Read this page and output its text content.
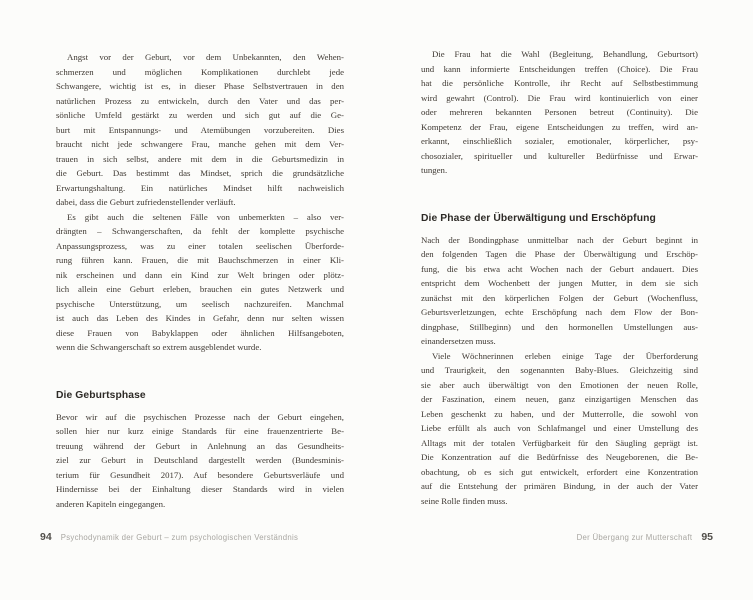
Angst vor der Geburt, vor dem Unbekannten, den Wehen-
schmerzen und möglichen Komplikationen durchlebt jede
Schwangere, wichtig ist es, in dieser Phase Selbstvertrauen in den
natürlichen Prozess zu entwickeln, durch den Vater und das per-
sönliche Umfeld gestärkt zu werden und sich gut auf die Ge-
burt mit Entspannungs- und Atemübungen vorzubereiten. Dies
braucht nicht jede schwangere Frau, manche gehen mit dem Ver-
trauen in sich selbst, andere mit dem in die Geburtsmedizin in
die Geburt. Das bestimmt das Mindset, sprich die grundsätzliche
Erwartungshaltung. Ein natürliches Mindset hilft nachweislich
dabei, dass die Geburt zufriedenstellender verläuft.
Es gibt auch die seltenen Fälle von unbemerkten – also ver-
drängten – Schwangerschaften, da fehlt der komplette psychische
Anpassungsprozess, was zu einer totalen seelischen Überforde-
rung führen kann. Frauen, die mit Bauchschmerzen in einer Kli-
nik erscheinen und dann ein Kind zur Welt bringen oder plötz-
lich allein eine Geburt erleben, brauchen ein gutes Netzwerk und
psychische Unterstützung, um seelisch nachzureifen. Manchmal
ist auch das Leben des Kindes in Gefahr, denn nur selten wissen
diese Frauen von Babyklappen oder ähnlichen Hilfsangeboten,
wenn die Schwangerschaft so extrem ausgeblendet wurde.
Die Geburtsphase
Bevor wir auf die psychischen Prozesse nach der Geburt eingehen,
sollen hier nur kurz einige Standards für eine frauenzentrierte Be-
treuung während der Geburt in Anlehnung an das Gesundheits-
ziel zur Geburt in Deutschland dargestellt werden (Bundesminis-
terium für Gesundheit 2017). Auf besondere Geburtsverläufe und
Hindernisse bei der Einhaltung dieser Standards wird in vielen
anderen Kapiteln eingegangen.
Die Frau hat die Wahl (Begleitung, Behandlung, Geburtsort)
und kann informierte Entscheidungen treffen (Choice). Die Frau
hat die persönliche Kontrolle, ihr Recht auf Selbstbestimmung
wird gewahrt (Control). Die Frau wird kontinuierlich von einer
oder mehreren bekannten Personen betreut (Continuity). Die
Kompetenz der Frau, eigene Entscheidungen zu treffen, wird an-
erkannt, einschließlich sozialer, emotionaler, körperlicher, psy-
chosozialer, spiritueller und kultureller Bedürfnisse und Erwar-
tungen.
Die Phase der Überwältigung und Erschöpfung
Nach der Bondingphase unmittelbar nach der Geburt beginnt in
den folgenden Tagen die Phase der Überwältigung und Erschöp-
fung, die bis etwa acht Wochen nach der Geburt andauert. Dies
entspricht dem Wochenbett der jungen Mutter, in dem sie sich
zunächst mit den körperlichen Folgen der Geburt (Wochenfluss,
Geburtsverletzungen, echte Erschöpfung nach dem Flow der Bon-
dingphase, Stillbeginn) und den hormonellen Umstellungen aus-
einandersetzen muss.
Viele Wöchnerinnen erleben einige Tage der Überforderung
und Traurigkeit, den sogenannten Baby-Blues. Gleichzeitig sind
sie aber auch überwältigt von den Emotionen der neuen Rolle,
der Faszination, einem neuen, ganz einzigartigen Menschen das
Leben geschenkt zu haben, und der Mutterrolle, die sowohl von
Liebe erfüllt als auch von Schlafmangel und einer Umstellung des
Alltags mit der totalen Verfügbarkeit für den Säugling geprägt ist.
Die Konzentration auf die Bedürfnisse des Neugeborenen, die Be-
obachtung, ob es sich gut entwickelt, erfordert eine Konzentration
auf die Entstehung der primären Bindung, in der auch der Vater
seine Rolle finden muss.
94 Psychodynamik der Geburt – zum psychologischen Verständnis	Der Übergang zur Mutterschaft 95
